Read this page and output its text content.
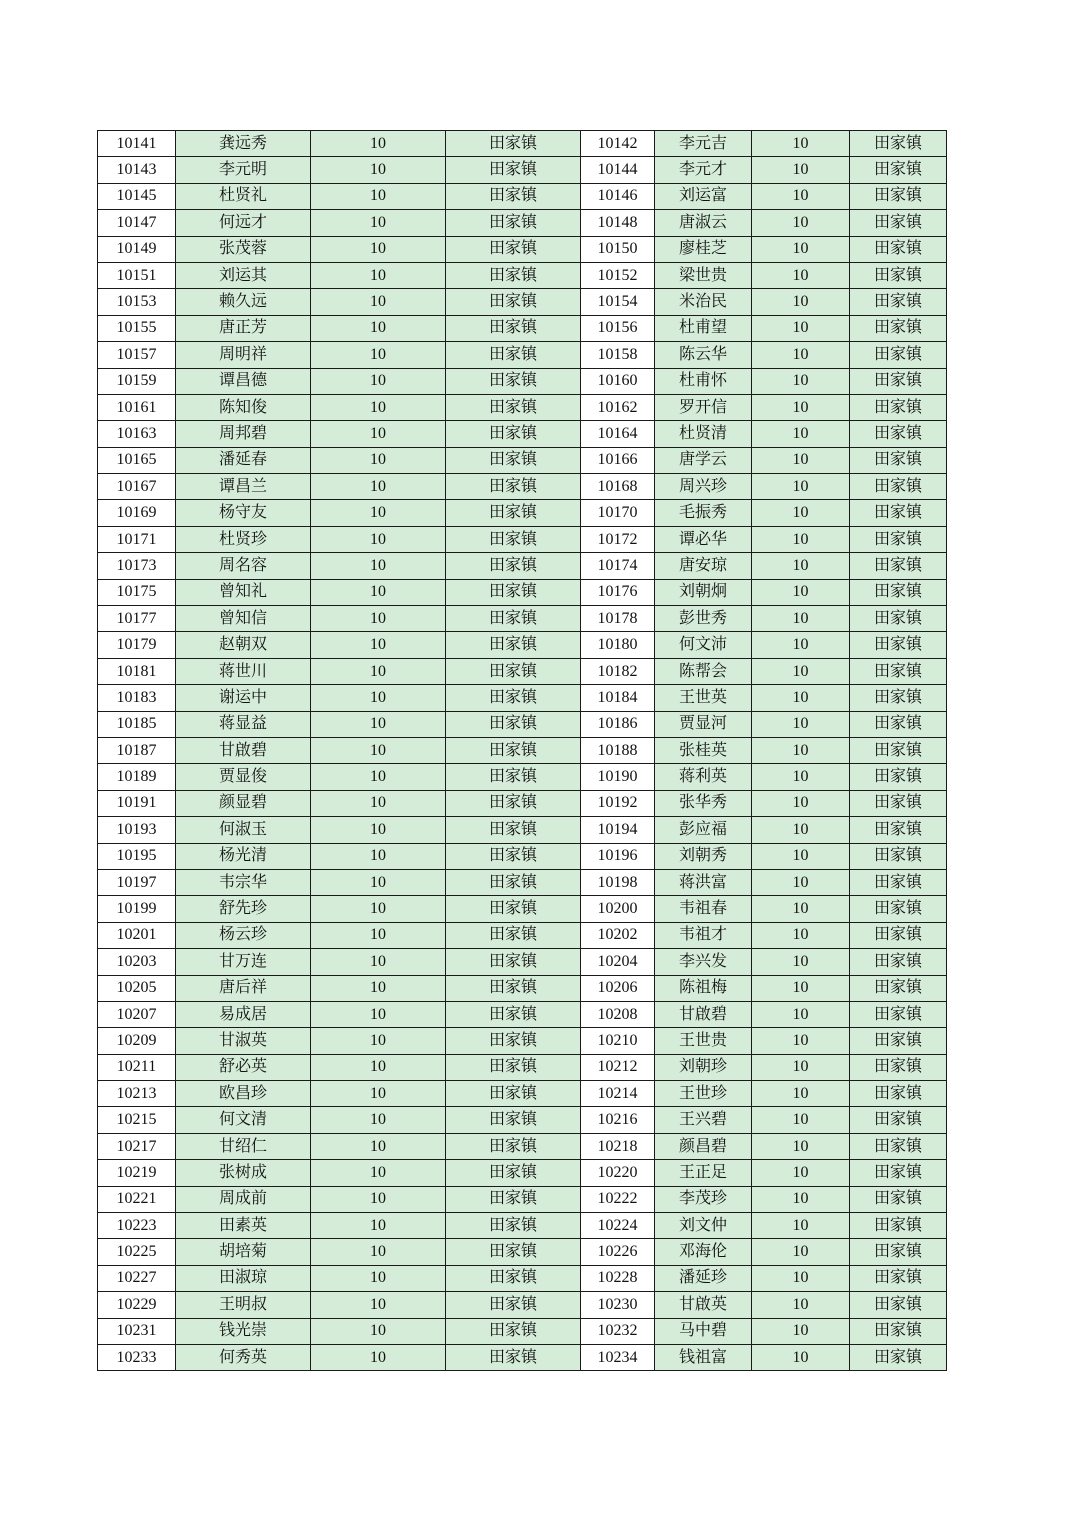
10141	龚远秀	10	田家镇	10142	李元吉	10	田家镇
10143	李元明	10	田家镇	10144	李元才	10	田家镇
10145	杜贤礼	10	田家镇	10146	刘运富	10	田家镇
10147	何远才	10	田家镇	10148	唐淑云	10	田家镇
10149	张茂蓉	10	田家镇	10150	廖桂芝	10	田家镇
10151	刘运其	10	田家镇	10152	梁世贵	10	田家镇
10153	赖久远	10	田家镇	10154	米治民	10	田家镇
10155	唐正芳	10	田家镇	10156	杜甫望	10	田家镇
10157	周明祥	10	田家镇	10158	陈云华	10	田家镇
10159	谭昌德	10	田家镇	10160	杜甫怀	10	田家镇
10161	陈知俊	10	田家镇	10162	罗开信	10	田家镇
10163	周邦碧	10	田家镇	10164	杜贤清	10	田家镇
10165	潘延春	10	田家镇	10166	唐学云	10	田家镇
10167	谭昌兰	10	田家镇	10168	周兴珍	10	田家镇
10169	杨守友	10	田家镇	10170	毛振秀	10	田家镇
10171	杜贤珍	10	田家镇	10172	谭必华	10	田家镇
10173	周名容	10	田家镇	10174	唐安琼	10	田家镇
10175	曾知礼	10	田家镇	10176	刘朝炯	10	田家镇
10177	曾知信	10	田家镇	10178	彭世秀	10	田家镇
10179	赵朝双	10	田家镇	10180	何文沛	10	田家镇
10181	蒋世川	10	田家镇	10182	陈帮会	10	田家镇
10183	谢运中	10	田家镇	10184	王世英	10	田家镇
10185	蒋显益	10	田家镇	10186	贾显河	10	田家镇
10187	甘啟碧	10	田家镇	10188	张桂英	10	田家镇
10189	贾显俊	10	田家镇	10190	蒋利英	10	田家镇
10191	颜显碧	10	田家镇	10192	张华秀	10	田家镇
10193	何淑玉	10	田家镇	10194	彭应福	10	田家镇
10195	杨光清	10	田家镇	10196	刘朝秀	10	田家镇
10197	韦宗华	10	田家镇	10198	蒋洪富	10	田家镇
10199	舒先珍	10	田家镇	10200	韦祖春	10	田家镇
10201	杨云珍	10	田家镇	10202	韦祖才	10	田家镇
10203	甘万连	10	田家镇	10204	李兴发	10	田家镇
10205	唐后祥	10	田家镇	10206	陈祖梅	10	田家镇
10207	易成居	10	田家镇	10208	甘啟碧	10	田家镇
10209	甘淑英	10	田家镇	10210	王世贵	10	田家镇
10211	舒必英	10	田家镇	10212	刘朝珍	10	田家镇
10213	欧昌珍	10	田家镇	10214	王世珍	10	田家镇
10215	何文清	10	田家镇	10216	王兴碧	10	田家镇
10217	甘绍仁	10	田家镇	10218	颜昌碧	10	田家镇
10219	张树成	10	田家镇	10220	王正足	10	田家镇
10221	周成前	10	田家镇	10222	李茂珍	10	田家镇
10223	田素英	10	田家镇	10224	刘文仲	10	田家镇
10225	胡培菊	10	田家镇	10226	邓海伦	10	田家镇
10227	田淑琼	10	田家镇	10228	潘延珍	10	田家镇
10229	王明叔	10	田家镇	10230	甘啟英	10	田家镇
10231	钱光崇	10	田家镇	10232	马中碧	10	田家镇
10233	何秀英	10	田家镇	10234	钱祖富	10	田家镇
